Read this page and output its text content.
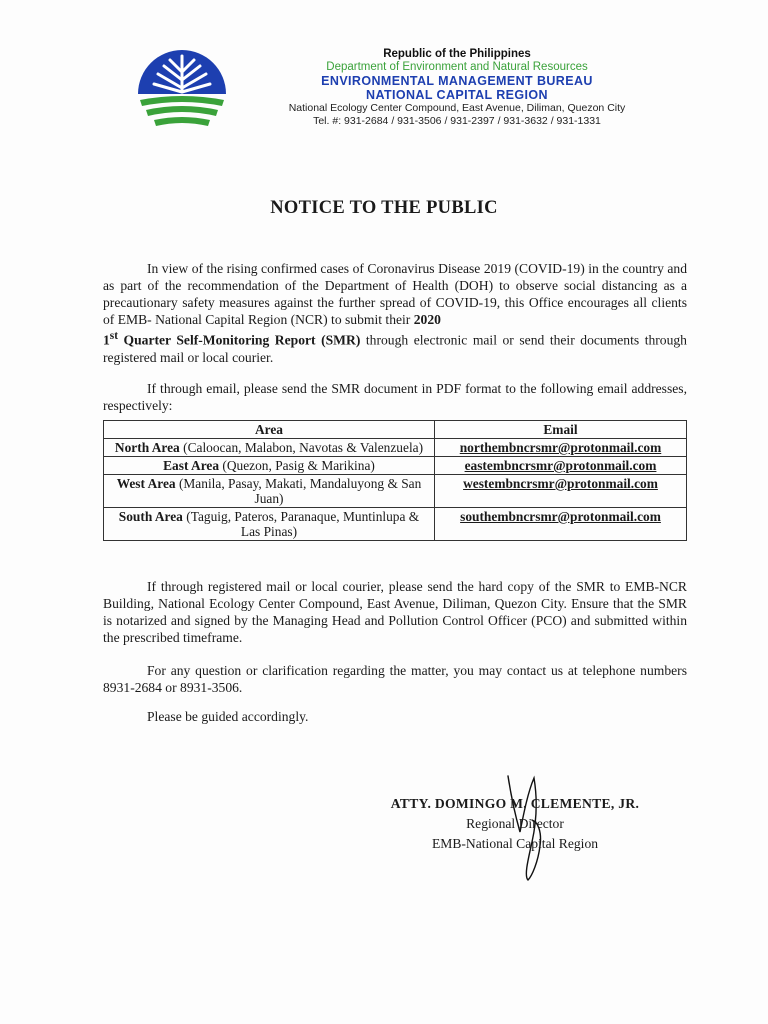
Republic of the Philippines
Department of Environment and Natural Resources
ENVIRONMENTAL MANAGEMENT BUREAU
NATIONAL CAPITAL REGION
National Ecology Center Compound, East Avenue, Diliman, Quezon City
Tel. #: 931-2684 / 931-3506 / 931-2397 / 931-3632 / 931-1331
NOTICE TO THE PUBLIC
In view of the rising confirmed cases of Coronavirus Disease 2019 (COVID-19) in the country and as part of the recommendation of the Department of Health (DOH) to observe social distancing as a precautionary safety measures against the further spread of COVID-19, this Office encourages all clients of EMB- National Capital Region (NCR) to submit their 2020
1st Quarter Self-Monitoring Report (SMR) through electronic mail or send their documents through registered mail or local courier.
If through email, please send the SMR document in PDF format to the following email addresses, respectively:
Area	Email
North Area (Caloocan, Malabon, Navotas & Valenzuela)	northembncrsmr@protonmail.com
East Area (Quezon, Pasig & Marikina)	eastembncrsmr@protonmail.com
West Area (Manila, Pasay, Makati, Mandaluyong & San Juan)	westembncrsmr@protonmail.com
South Area (Taguig, Pateros, Paranaque, Muntinlupa & Las Pinas)	southembncrsmr@protonmail.com
If through registered mail or local courier, please send the hard copy of the SMR to EMB-NCR Building, National Ecology Center Compound, East Avenue, Diliman, Quezon City. Ensure that the SMR is notarized and signed by the Managing Head and Pollution Control Officer (PCO) and submitted within the prescribed timeframe.
For any question or clarification regarding the matter, you may contact us at telephone numbers 8931-2684 or 8931-3506.
Please be guided accordingly.
ATTY. DOMINGO M. CLEMENTE, JR.
Regional Director
EMB-National Capital Region
